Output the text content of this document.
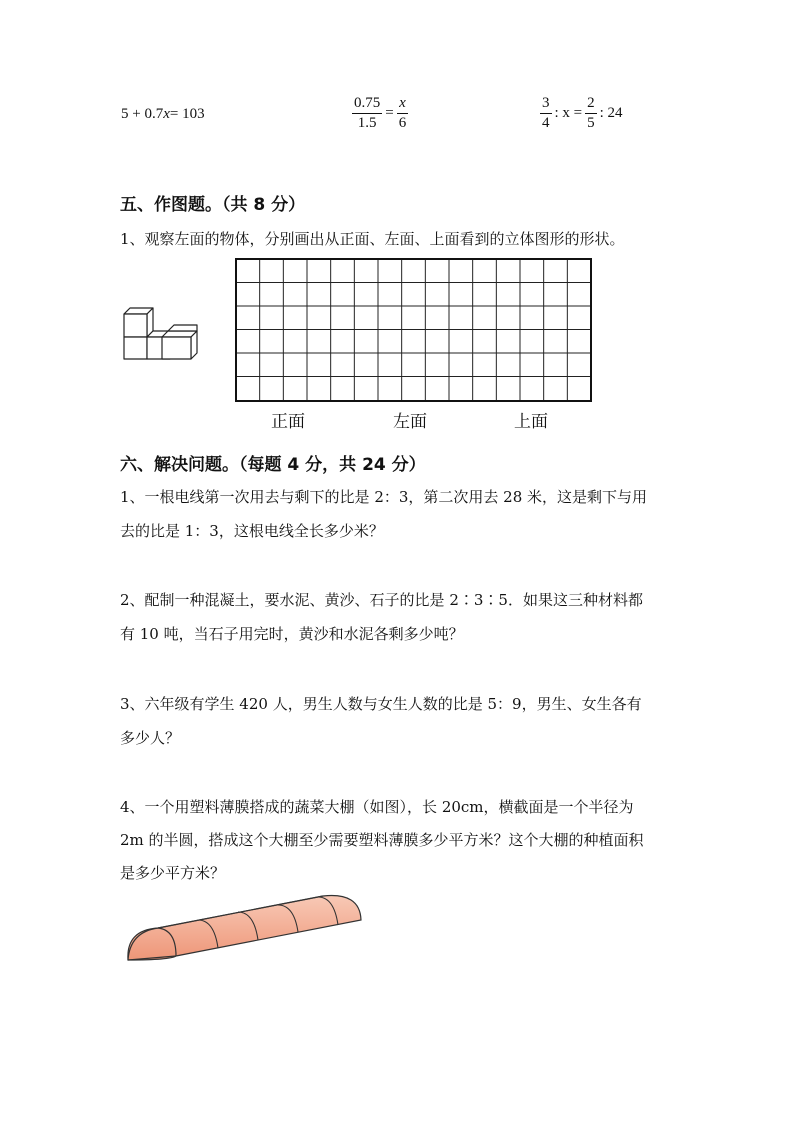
5 + 0.7 x = 103	$\frac{0.75}{1.5} = \frac{x}{6}$	$\frac{3}{4}$ : $x = \frac{2}{5}$ : 24
五、作图题。（共 8 分）
1、观察左面的物体，分别画出从正面、左面、上面看到的立体图形的形状。
正面	左面	上面
六、解决问题。（每题 4 分，共 24 分）
1、一根电线第一次用去与剩下的比是 2：3，第二次用去 28 米，这是剩下与用
去的比是 1：3，这根电线全长多少米？
2、配制一种混凝土，要水泥、黄沙、石子的比是 2∶3∶5．如果这三种材料都
有 10 吨，当石子用完时，黄沙和水泥各剩多少吨？
3、六年级有学生 420 人，男生人数与女生人数的比是 5：9，男生、女生各有
多少人？
4、一个用塑料薄膜搭成的蔬菜大棚（如图），长 20cm，横截面是一个半径为
2m 的半圆，搭成这个大棚至少需要塑料薄膜多少平方米？这个大棚的种植面积
是多少平方米？
